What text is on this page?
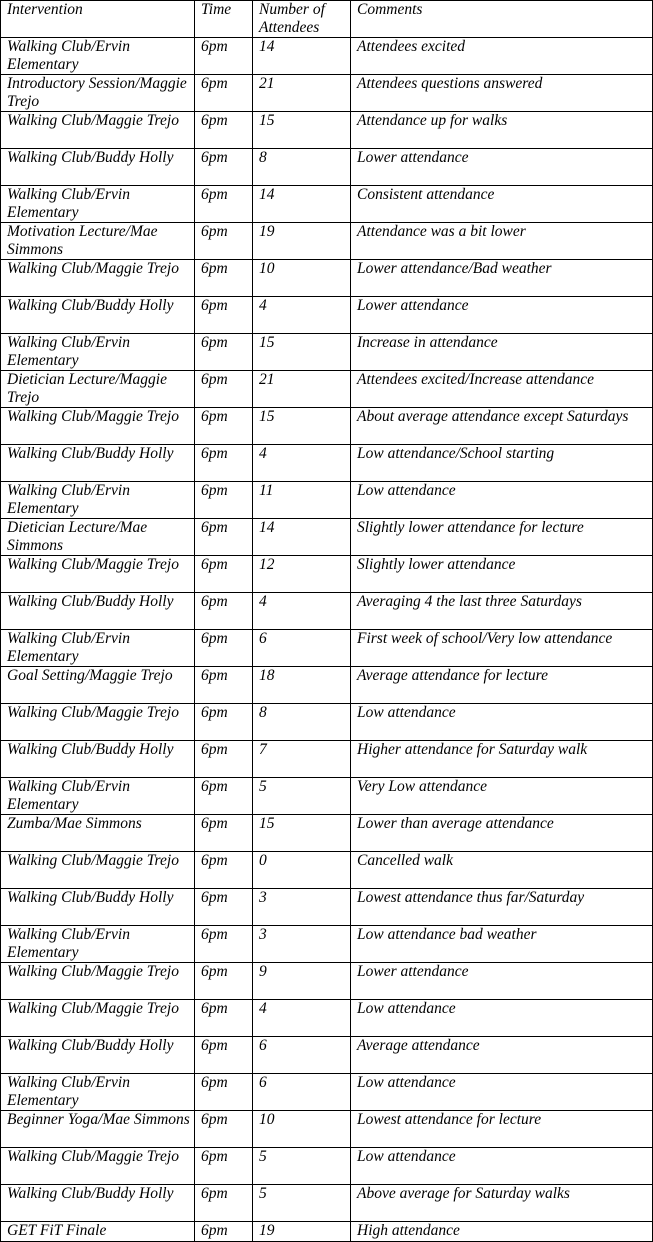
Intervention	Time	Number of Attendees	Comments
Walking Club/Ervin Elementary	6pm	14	Attendees excited
Introductory Session/Maggie Trejo	6pm	21	Attendees questions answered
Walking Club/Maggie Trejo	6pm	15	Attendance up for walks
Walking Club/Buddy Holly	6pm	8	Lower attendance
Walking Club/Ervin Elementary	6pm	14	Consistent attendance
Motivation Lecture/Mae Simmons	6pm	19	Attendance was a bit lower
Walking Club/Maggie Trejo	6pm	10	Lower attendance/Bad weather
Walking Club/Buddy Holly	6pm	4	Lower attendance
Walking Club/Ervin Elementary	6pm	15	Increase in attendance
Dietician Lecture/Maggie Trejo	6pm	21	Attendees excited/Increase attendance
Walking Club/Maggie Trejo	6pm	15	About average attendance except Saturdays
Walking Club/Buddy Holly	6pm	4	Low attendance/School starting
Walking Club/Ervin Elementary	6pm	11	Low attendance
Dietician Lecture/Mae Simmons	6pm	14	Slightly lower attendance for lecture
Walking Club/Maggie Trejo	6pm	12	Slightly lower attendance
Walking Club/Buddy Holly	6pm	4	Averaging 4 the last three Saturdays
Walking Club/Ervin Elementary	6pm	6	First week of school/Very low attendance
Goal Setting/Maggie Trejo	6pm	18	Average attendance for lecture
Walking Club/Maggie Trejo	6pm	8	Low attendance
Walking Club/Buddy Holly	6pm	7	Higher attendance for Saturday walk
Walking Club/Ervin Elementary	6pm	5	Very Low attendance
Zumba/Mae Simmons	6pm	15	Lower than average attendance
Walking Club/Maggie Trejo	6pm	0	Cancelled walk
Walking Club/Buddy Holly	6pm	3	Lowest attendance thus far/Saturday
Walking Club/Ervin Elementary	6pm	3	Low attendance bad weather
Walking Club/Maggie Trejo	6pm	9	Lower attendance
Walking Club/Maggie Trejo	6pm	4	Low attendance
Walking Club/Buddy Holly	6pm	6	Average attendance
Walking Club/Ervin Elementary	6pm	6	Low attendance
Beginner Yoga/Mae Simmons	6pm	10	Lowest attendance for lecture
Walking Club/Maggie Trejo	6pm	5	Low attendance
Walking Club/Buddy Holly	6pm	5	Above average for Saturday walks
GET FiT Finale	6pm	19	High attendance
